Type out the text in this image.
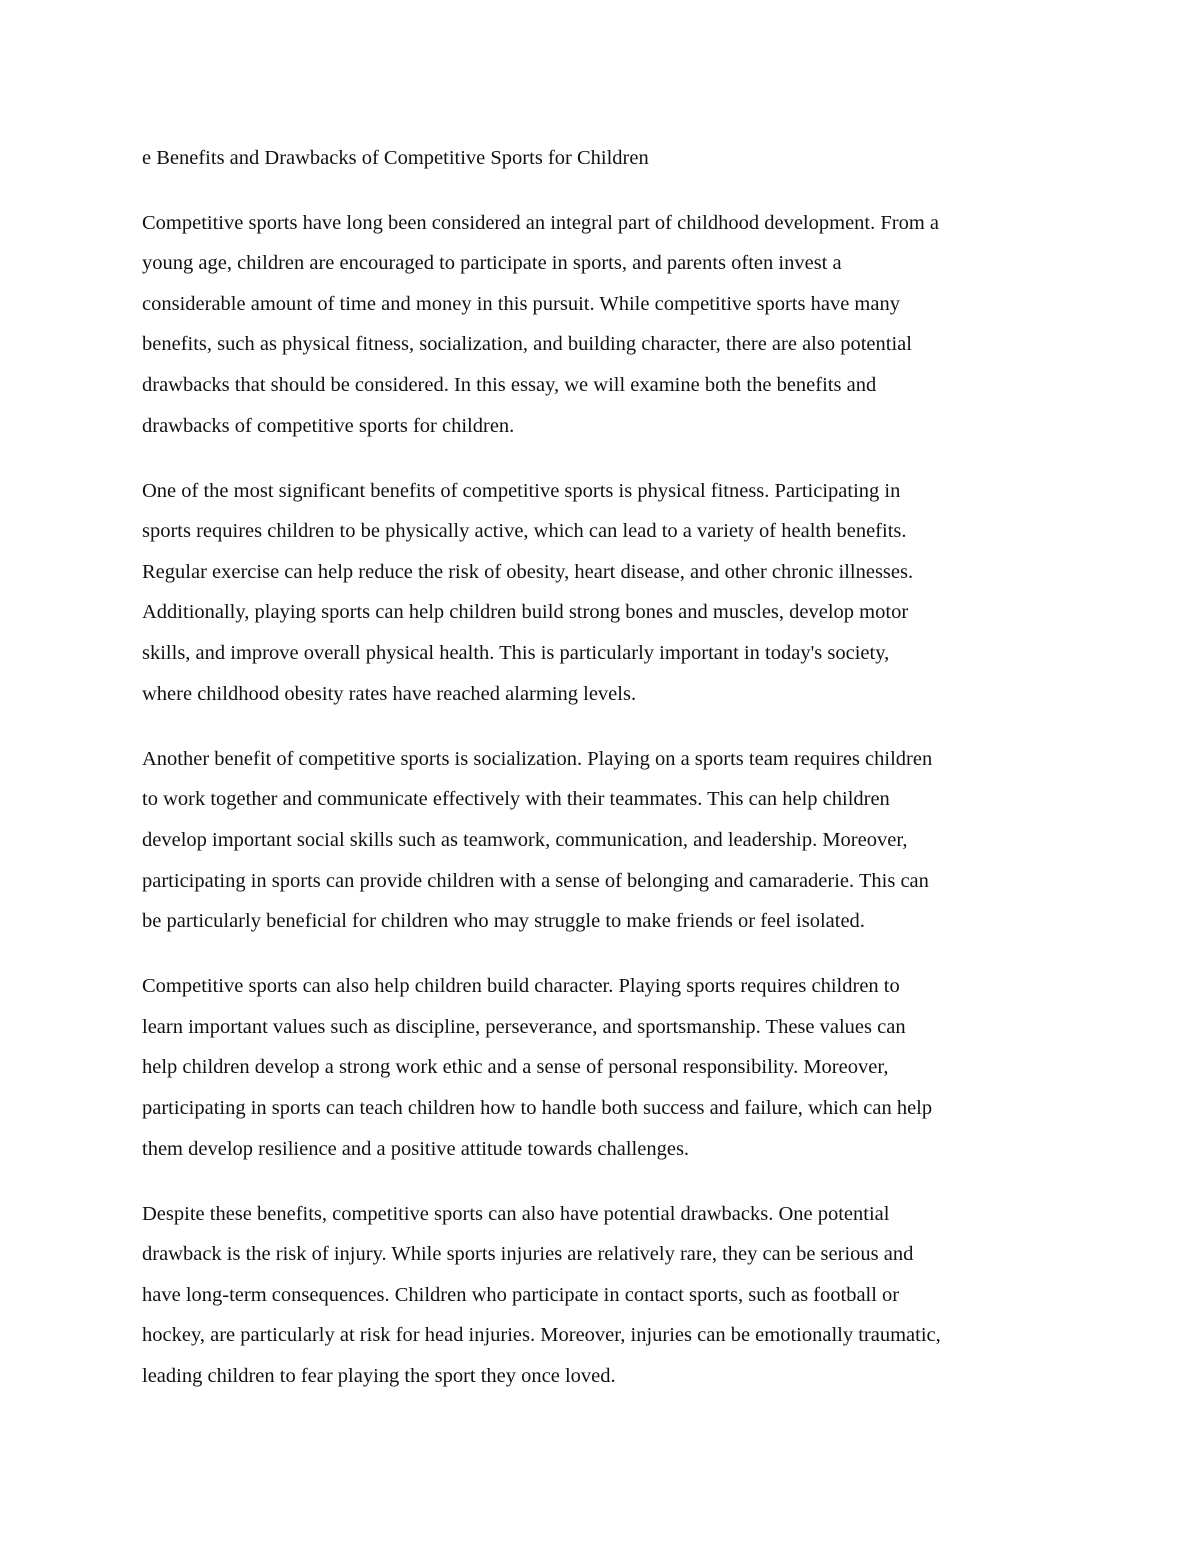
e Benefits and Drawbacks of Competitive Sports for Children
Competitive sports have long been considered an integral part of childhood development. From a
young age, children are encouraged to participate in sports, and parents often invest a
considerable amount of time and money in this pursuit. While competitive sports have many
benefits, such as physical fitness, socialization, and building character, there are also potential
drawbacks that should be considered. In this essay, we will examine both the benefits and
drawbacks of competitive sports for children.
One of the most significant benefits of competitive sports is physical fitness. Participating in
sports requires children to be physically active, which can lead to a variety of health benefits.
Regular exercise can help reduce the risk of obesity, heart disease, and other chronic illnesses.
Additionally, playing sports can help children build strong bones and muscles, develop motor
skills, and improve overall physical health. This is particularly important in today's society,
where childhood obesity rates have reached alarming levels.
Another benefit of competitive sports is socialization. Playing on a sports team requires children
to work together and communicate effectively with their teammates. This can help children
develop important social skills such as teamwork, communication, and leadership. Moreover,
participating in sports can provide children with a sense of belonging and camaraderie. This can
be particularly beneficial for children who may struggle to make friends or feel isolated.
Competitive sports can also help children build character. Playing sports requires children to
learn important values such as discipline, perseverance, and sportsmanship. These values can
help children develop a strong work ethic and a sense of personal responsibility. Moreover,
participating in sports can teach children how to handle both success and failure, which can help
them develop resilience and a positive attitude towards challenges.
Despite these benefits, competitive sports can also have potential drawbacks. One potential
drawback is the risk of injury. While sports injuries are relatively rare, they can be serious and
have long-term consequences. Children who participate in contact sports, such as football or
hockey, are particularly at risk for head injuries. Moreover, injuries can be emotionally traumatic,
leading children to fear playing the sport they once loved.
